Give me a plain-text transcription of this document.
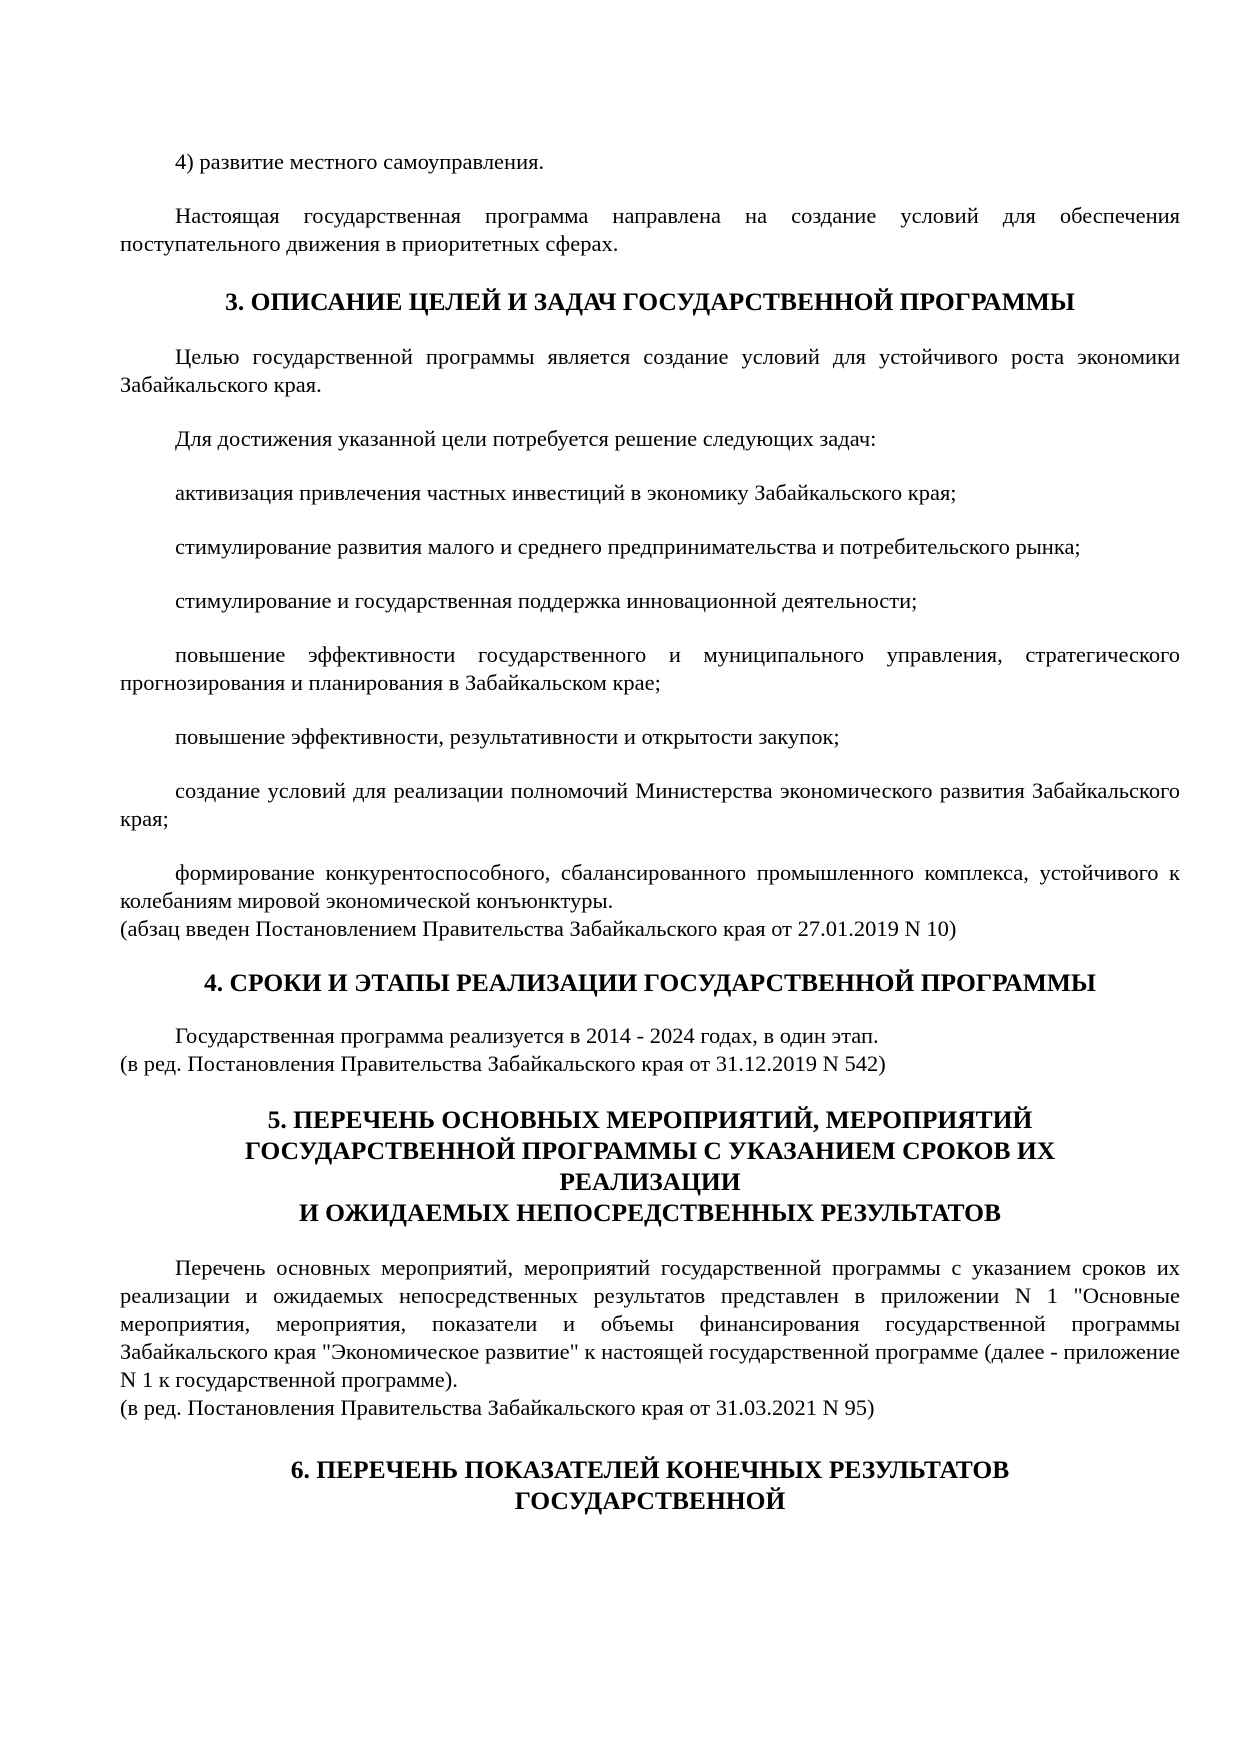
4) развитие местного самоуправления.

Настоящая государственная программа направлена на создание условий для обеспечения поступательного движения в приоритетных сферах.

3. ОПИСАНИЕ ЦЕЛЕЙ И ЗАДАЧ ГОСУДАРСТВЕННОЙ ПРОГРАММЫ

Целью государственной программы является создание условий для устойчивого роста экономики Забайкальского края.

Для достижения указанной цели потребуется решение следующих задач:

активизация привлечения частных инвестиций в экономику Забайкальского края;

стимулирование развития малого и среднего предпринимательства и потребительского рынка;

стимулирование и государственная поддержка инновационной деятельности;

повышение эффективности государственного и муниципального управления, стратегического прогнозирования и планирования в Забайкальском крае;

повышение эффективности, результативности и открытости закупок;

создание условий для реализации полномочий Министерства экономического развития Забайкальского края;

формирование конкурентоспособного, сбалансированного промышленного комплекса, устойчивого к колебаниям мировой экономической конъюнктуры.

(абзац введен Постановлением Правительства Забайкальского края от 27.01.2019 N 10)

4. СРОКИ И ЭТАПЫ РЕАЛИЗАЦИИ ГОСУДАРСТВЕННОЙ ПРОГРАММЫ

Государственная программа реализуется в 2014 - 2024 годах, в один этап.

(в ред. Постановления Правительства Забайкальского края от 31.12.2019 N 542)

5. ПЕРЕЧЕНЬ ОСНОВНЫХ МЕРОПРИЯТИЙ, МЕРОПРИЯТИЙ
ГОСУДАРСТВЕННОЙ ПРОГРАММЫ С УКАЗАНИЕМ СРОКОВ ИХ
РЕАЛИЗАЦИИ
И ОЖИДАЕМЫХ НЕПОСРЕДСТВЕННЫХ РЕЗУЛЬТАТОВ

Перечень основных мероприятий, мероприятий государственной программы с указанием сроков их реализации и ожидаемых непосредственных результатов представлен в приложении N 1 "Основные мероприятия, мероприятия, показатели и объемы финансирования государственной программы Забайкальского края "Экономическое развитие" к настоящей государственной программе (далее - приложение N 1 к государственной программе).

(в ред. Постановления Правительства Забайкальского края от 31.03.2021 N 95)

6. ПЕРЕЧЕНЬ ПОКАЗАТЕЛЕЙ КОНЕЧНЫХ РЕЗУЛЬТАТОВ
ГОСУДАРСТВЕННОЙ
